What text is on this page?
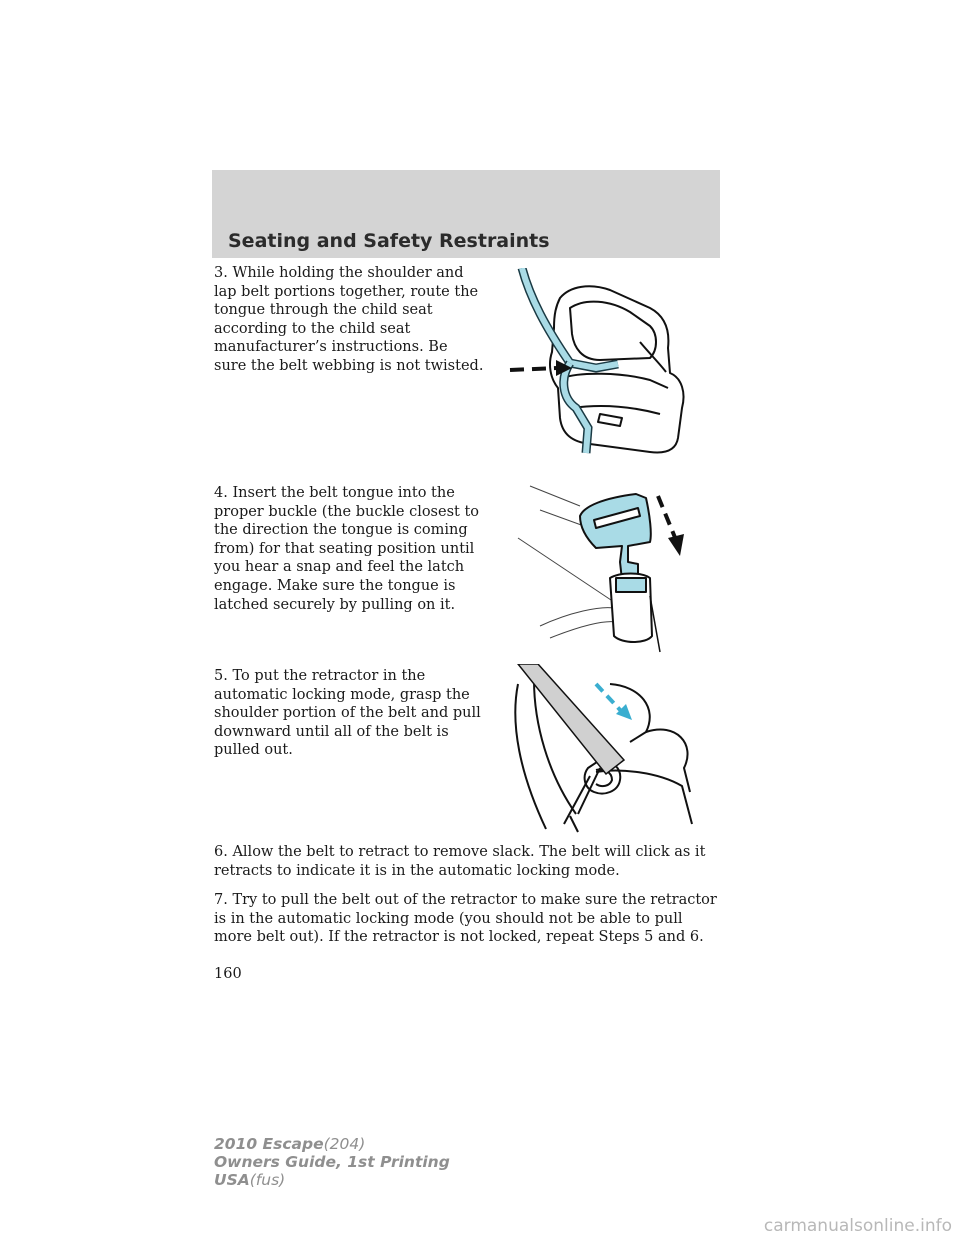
Seating and Safety Restraints

3. While holding the shoulder and lap belt portions together, route the tongue through the child seat according to the child seat manufacturer’s instructions. Be sure the belt webbing is not twisted.

4. Insert the belt tongue into the proper buckle (the buckle closest to the direction the tongue is coming from) for that seating position until you hear a snap and feel the latch engage. Make sure the tongue is latched securely by pulling on it.

5. To put the retractor in the automatic locking mode, grasp the shoulder portion of the belt and pull downward until all of the belt is pulled out.

6. Allow the belt to retract to remove slack. The belt will click as it retracts to indicate it is in the automatic locking mode.

7. Try to pull the belt out of the retractor to make sure the retractor is in the automatic locking mode (you should not be able to pull more belt out). If the retractor is not locked, repeat Steps 5 and 6.

160

2010 Escape(204)
Owners Guide, 1st Printing
USA(fus)
carmanualsonline.info
